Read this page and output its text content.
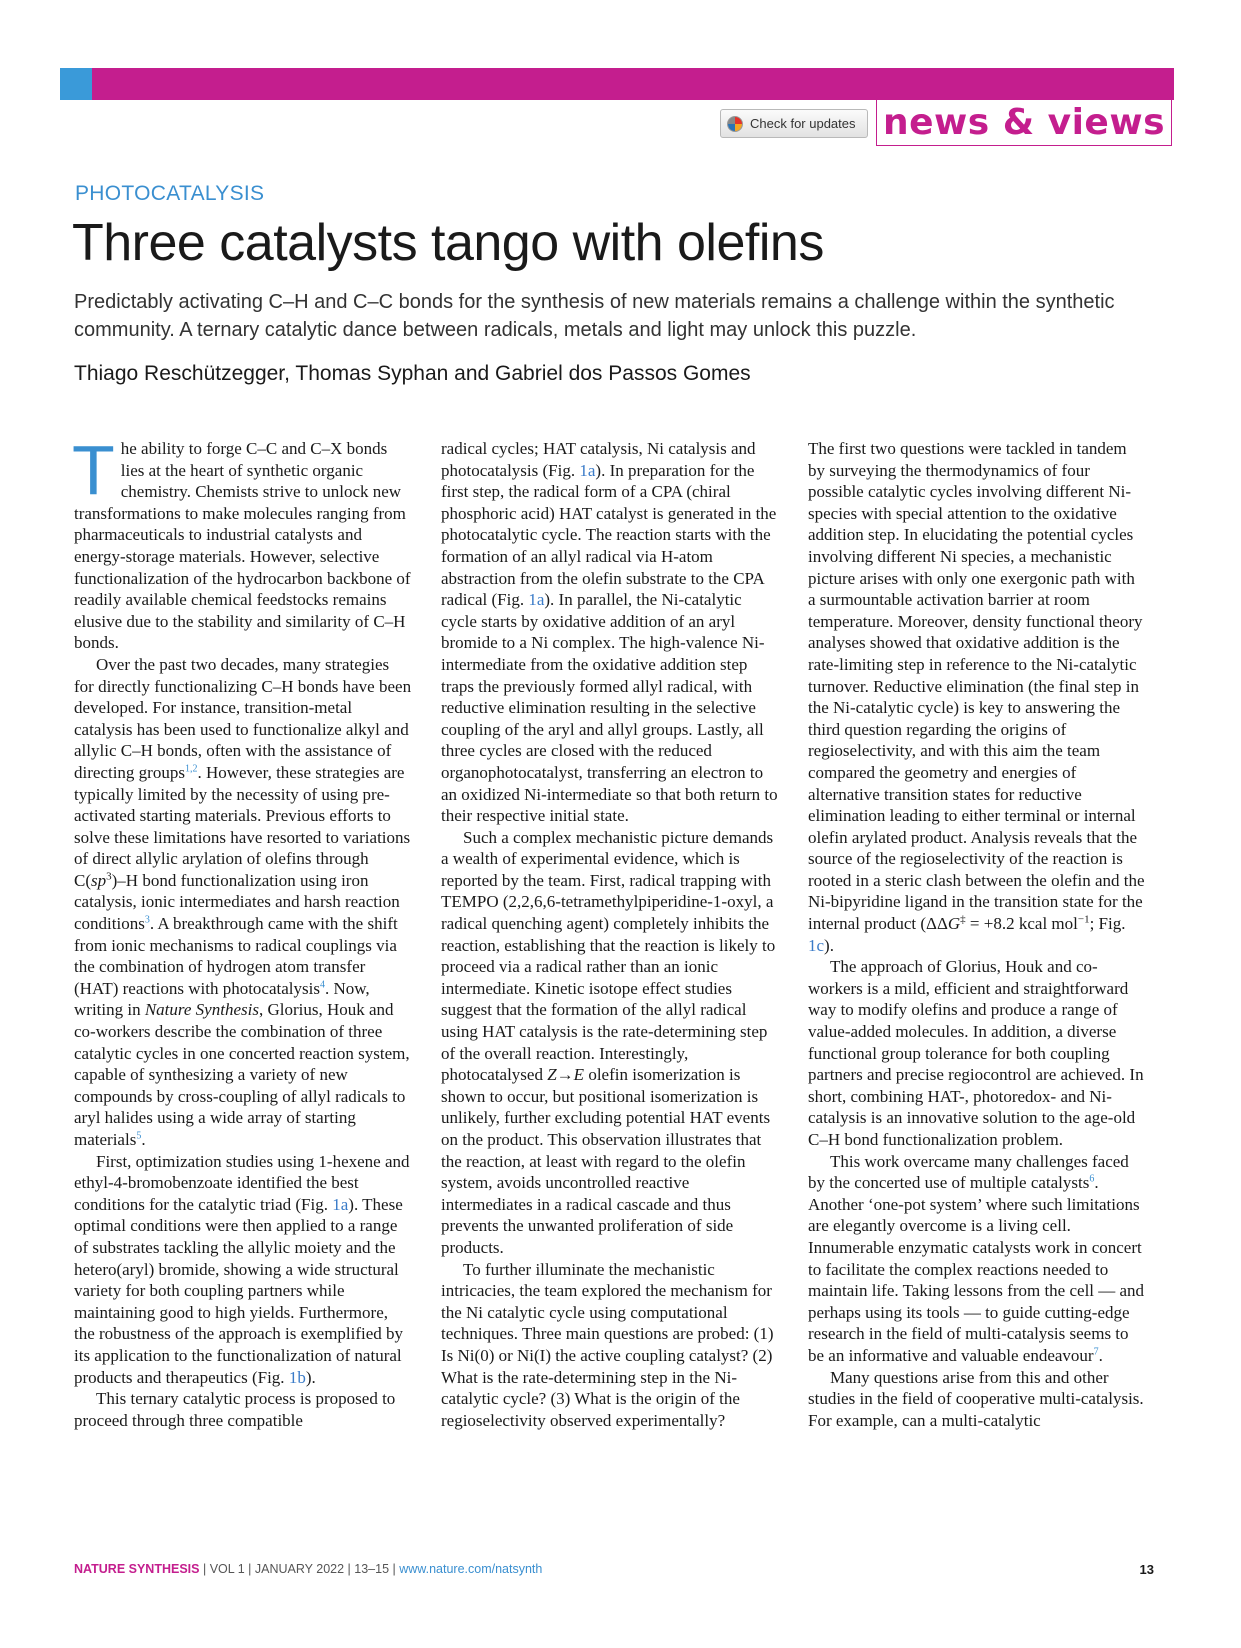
Check for updates news & views
PHOTOCATALYSIS
Three catalysts tango with olefins

Predictably activating C–H and C–C bonds for the synthesis of new materials remains a challenge within the synthetic community. A ternary catalytic dance between radicals, metals and light may unlock this puzzle.

Thiago Reschützegger, Thomas Syphan and Gabriel dos Passos Gomes

The ability to forge C–C and C–X bonds lies at the heart of synthetic organic chemistry. Chemists strive to unlock new transformations to make molecules ranging from pharmaceuticals to industrial catalysts and energy-storage materials. However, selective functionalization of the hydrocarbon backbone of readily available chemical feedstocks remains elusive due to the stability and similarity of C–H bonds.

Over the past two decades, many strategies for directly functionalizing C–H bonds have been developed. For instance, transition-metal catalysis has been used to functionalize alkyl and allylic C–H bonds, often with the assistance of directing groups$^{1,2}$. However, these strategies are typically limited by the necessity of using pre-activated starting materials. Previous efforts to solve these limitations have resorted to variations of direct allylic arylation of olefins through $C(sp^3)-H$ bond functionalization using iron catalysis, ionic intermediates and harsh reaction conditions$^3$. A breakthrough came with the shift from ionic mechanisms to radical couplings via the combination of hydrogen atom transfer (HAT) reactions with photocatalysis$^4$. Now, writing in Nature Synthesis, Glorius, Houk and co-workers describe the combination of three catalytic cycles in one concerted reaction system, capable of synthesizing a variety of new compounds by cross-coupling of allyl radicals to aryl halides using a wide array of starting materials$^5$.

First, optimization studies using 1-hexene and ethyl-4-bromobenzoate identified the best conditions for the catalytic triad (Fig. 1a). These optimal conditions were then applied to a range of substrates tackling the allylic moiety and the hetero(aryl) bromide, showing a wide structural variety for both coupling partners while maintaining good to high yields. Furthermore, the robustness of the approach is exemplified by its application to the functionalization of natural products and therapeutics (Fig. 1b).

This ternary catalytic process is proposed to proceed through three compatible

radical cycles; HAT catalysis, Ni catalysis and photocatalysis (Fig. 1a). In preparation for the first step, the radical form of a CPA (chiral phosphoric acid) HAT catalyst is generated in the photocatalytic cycle. The reaction starts with the formation of an allyl radical via H-atom abstraction from the olefin substrate to the CPA radical (Fig. 1a). In parallel, the Ni-catalytic cycle starts by oxidative addition of an aryl bromide to a Ni complex. The high-valence Ni-intermediate from the oxidative addition step traps the previously formed allyl radical, with reductive elimination resulting in the selective coupling of the aryl and allyl groups. Lastly, all three cycles are closed with the reduced organophotocatalyst, transferring an electron to an oxidized Ni-intermediate so that both return to their respective initial state.

Such a complex mechanistic picture demands a wealth of experimental evidence, which is reported by the team. First, radical trapping with TEMPO (2,2,6,6-tetramethylpiperidine-1-oxyl, a radical quenching agent) completely inhibits the reaction, establishing that the reaction is likely to proceed via a radical rather than an ionic intermediate. Kinetic isotope effect studies suggest that the formation of the allyl radical using HAT catalysis is the rate-determining step of the overall reaction. Interestingly, photocatalysed Z→E olefin isomerization is shown to occur, but positional isomerization is unlikely, further excluding potential HAT events on the product. This observation illustrates that the reaction, at least with regard to the olefin system, avoids uncontrolled reactive intermediates in a radical cascade and thus prevents the unwanted proliferation of side products.

To further illuminate the mechanistic intricacies, the team explored the mechanism for the Ni catalytic cycle using computational techniques. Three main questions are probed: (1) Is Ni(0) or Ni(I) the active coupling catalyst? (2) What is the rate-determining step in the Ni-catalytic cycle? (3) What is the origin of the regioselectivity observed experimentally?

The first two questions were tackled in tandem by surveying the thermodynamics of four possible catalytic cycles involving different Ni-species with special attention to the oxidative addition step. In elucidating the potential cycles involving different Ni species, a mechanistic picture arises with only one exergonic path with a surmountable activation barrier at room temperature. Moreover, density functional theory analyses showed that oxidative addition is the rate-limiting step in reference to the Ni-catalytic turnover. Reductive elimination (the final step in the Ni-catalytic cycle) is key to answering the third question regarding the origins of regioselectivity, and with this aim the team compared the geometry and energies of alternative transition states for reductive elimination leading to either terminal or internal olefin arylated product. Analysis reveals that the source of the regioselectivity of the reaction is rooted in a steric clash between the olefin and the Ni-bipyridine ligand in the transition state for the internal product (ΔΔG‡ = +8.2 kcal mol$^{-1}$; Fig. 1c).

The approach of Glorius, Houk and co-workers is a mild, efficient and straightforward way to modify olefins and produce a range of value-added molecules. In addition, a diverse functional group tolerance for both coupling partners and precise regiocontrol are achieved. In short, combining HAT-, photoredox- and Ni-catalysis is an innovative solution to the age-old C–H bond functionalization problem.

This work overcame many challenges faced by the concerted use of multiple catalysts$^6$. Another ‘one-pot system’ where such limitations are elegantly overcome is a living cell. Innumerable enzymatic catalysts work in concert to facilitate the complex reactions needed to maintain life. Taking lessons from the cell — and perhaps using its tools — to guide cutting-edge research in the field of multi-catalysis seems to be an informative and valuable endeavour$^7$.

Many questions arise from this and other studies in the field of cooperative multi-catalysis. For example, can a multi-catalytic

NATURE SYNTHESIS | VOL 1 | JANUARY 2022 | 13–15 | www.nature.com/natsynth	13
